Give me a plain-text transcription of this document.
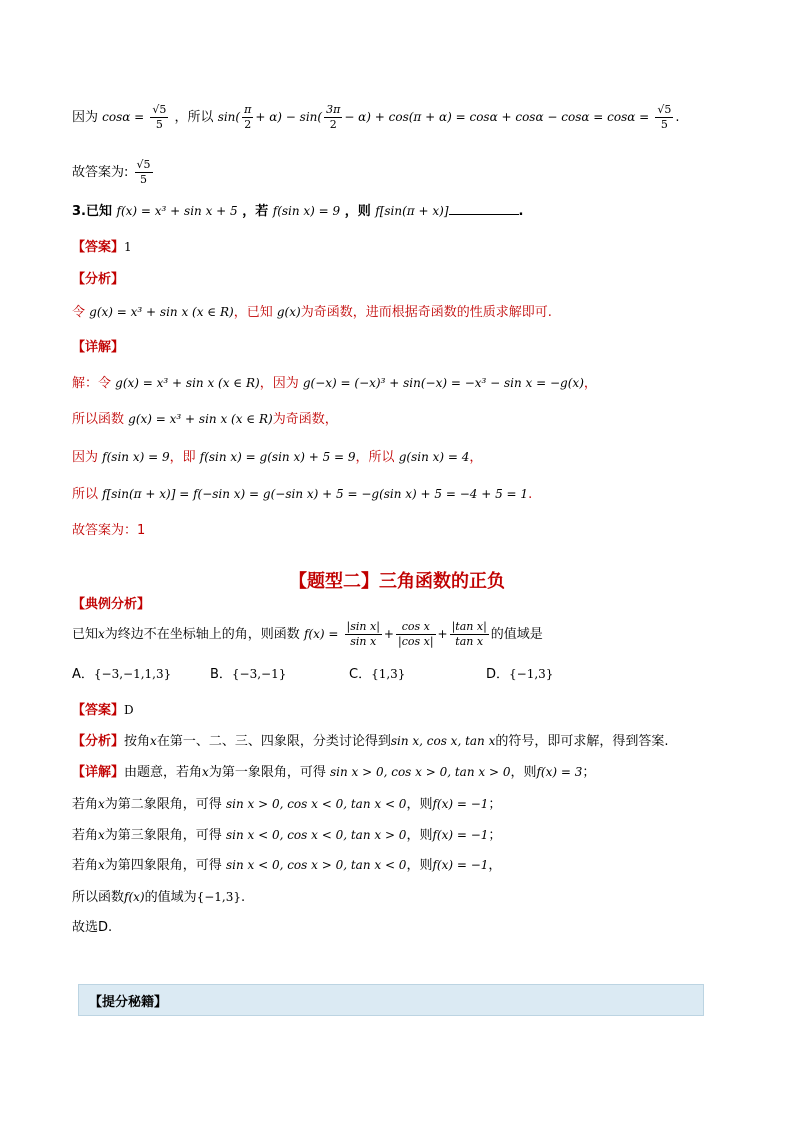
因为 $\cos\alpha = \frac{√5}{5}$ ，所以 $\sin( \frac{\pi}{2} + \alpha) - \sin( \frac{3\pi}{2} - \alpha) + \cos(\pi + \alpha) = \cos\alpha + \cos\alpha - \cos\alpha = \cos\alpha = \frac{√5}{5}$ .
故答案为: $\frac{√5}{5}$
3.已知 f(x) = x³ + sin x + 5 ，若 f(sin x) = 9 ，则 f[sin(π + x)]	.
【答案】1
【分析】
令 g(x) = x³ + sin x (x ∈ R)，已知 g(x)为奇函数，进而根据奇函数的性质求解即可.
【详解】
解：令 g(x) = x³ + sin x (x ∈ R)，因为 g(−x) = (−x)³ + sin(−x) = −x³ − sin x = −g(x)，
所以函数 g(x) = x³ + sin x (x ∈ R)为奇函数，
因为 f(sin x) = 9，即 f(sin x) = g(sin x) + 5 = 9，所以 g(sin x) = 4，
所以 f[sin(π + x)] = f(−sin x) = g(−sin x) + 5 = −g(sin x) + 5 = −4 + 5 = 1.
故答案为：1
【题型二】三角函数的正负
【典例分析】
已知x为终边不在坐标轴上的角，则函数 $f(x) = \frac{\text{|sin x|}}{\text{sin x}} + \frac{\text{cos x}}{\text{|cos x|}} + \frac{\text{|tan x|}}{\text{tan x}}$ 的值域是
A．{−3,−1,1,3}	B．{−3,−1}	C．{1,3}	D．{−1,3}
【答案】D
【分析】按角x在第一、二、三、四象限，分类讨论得到sin x, cos x, tan x的符号，即可求解，得到答案.
【详解】由题意，若角x为第一象限角，可得 sin x > 0, cos x > 0, tan x > 0，则f(x) = 3；
若角x为第二象限角，可得 sin x > 0, cos x < 0, tan x < 0，则f(x) = −1；
若角x为第三象限角，可得 sin x < 0, cos x < 0, tan x > 0，则f(x) = −1；
若角x为第四象限角，可得 sin x < 0, cos x > 0, tan x < 0，则f(x) = −1，
所以函数f(x)的值域为{−1,3}.
故选D.
【提分秘籍】
